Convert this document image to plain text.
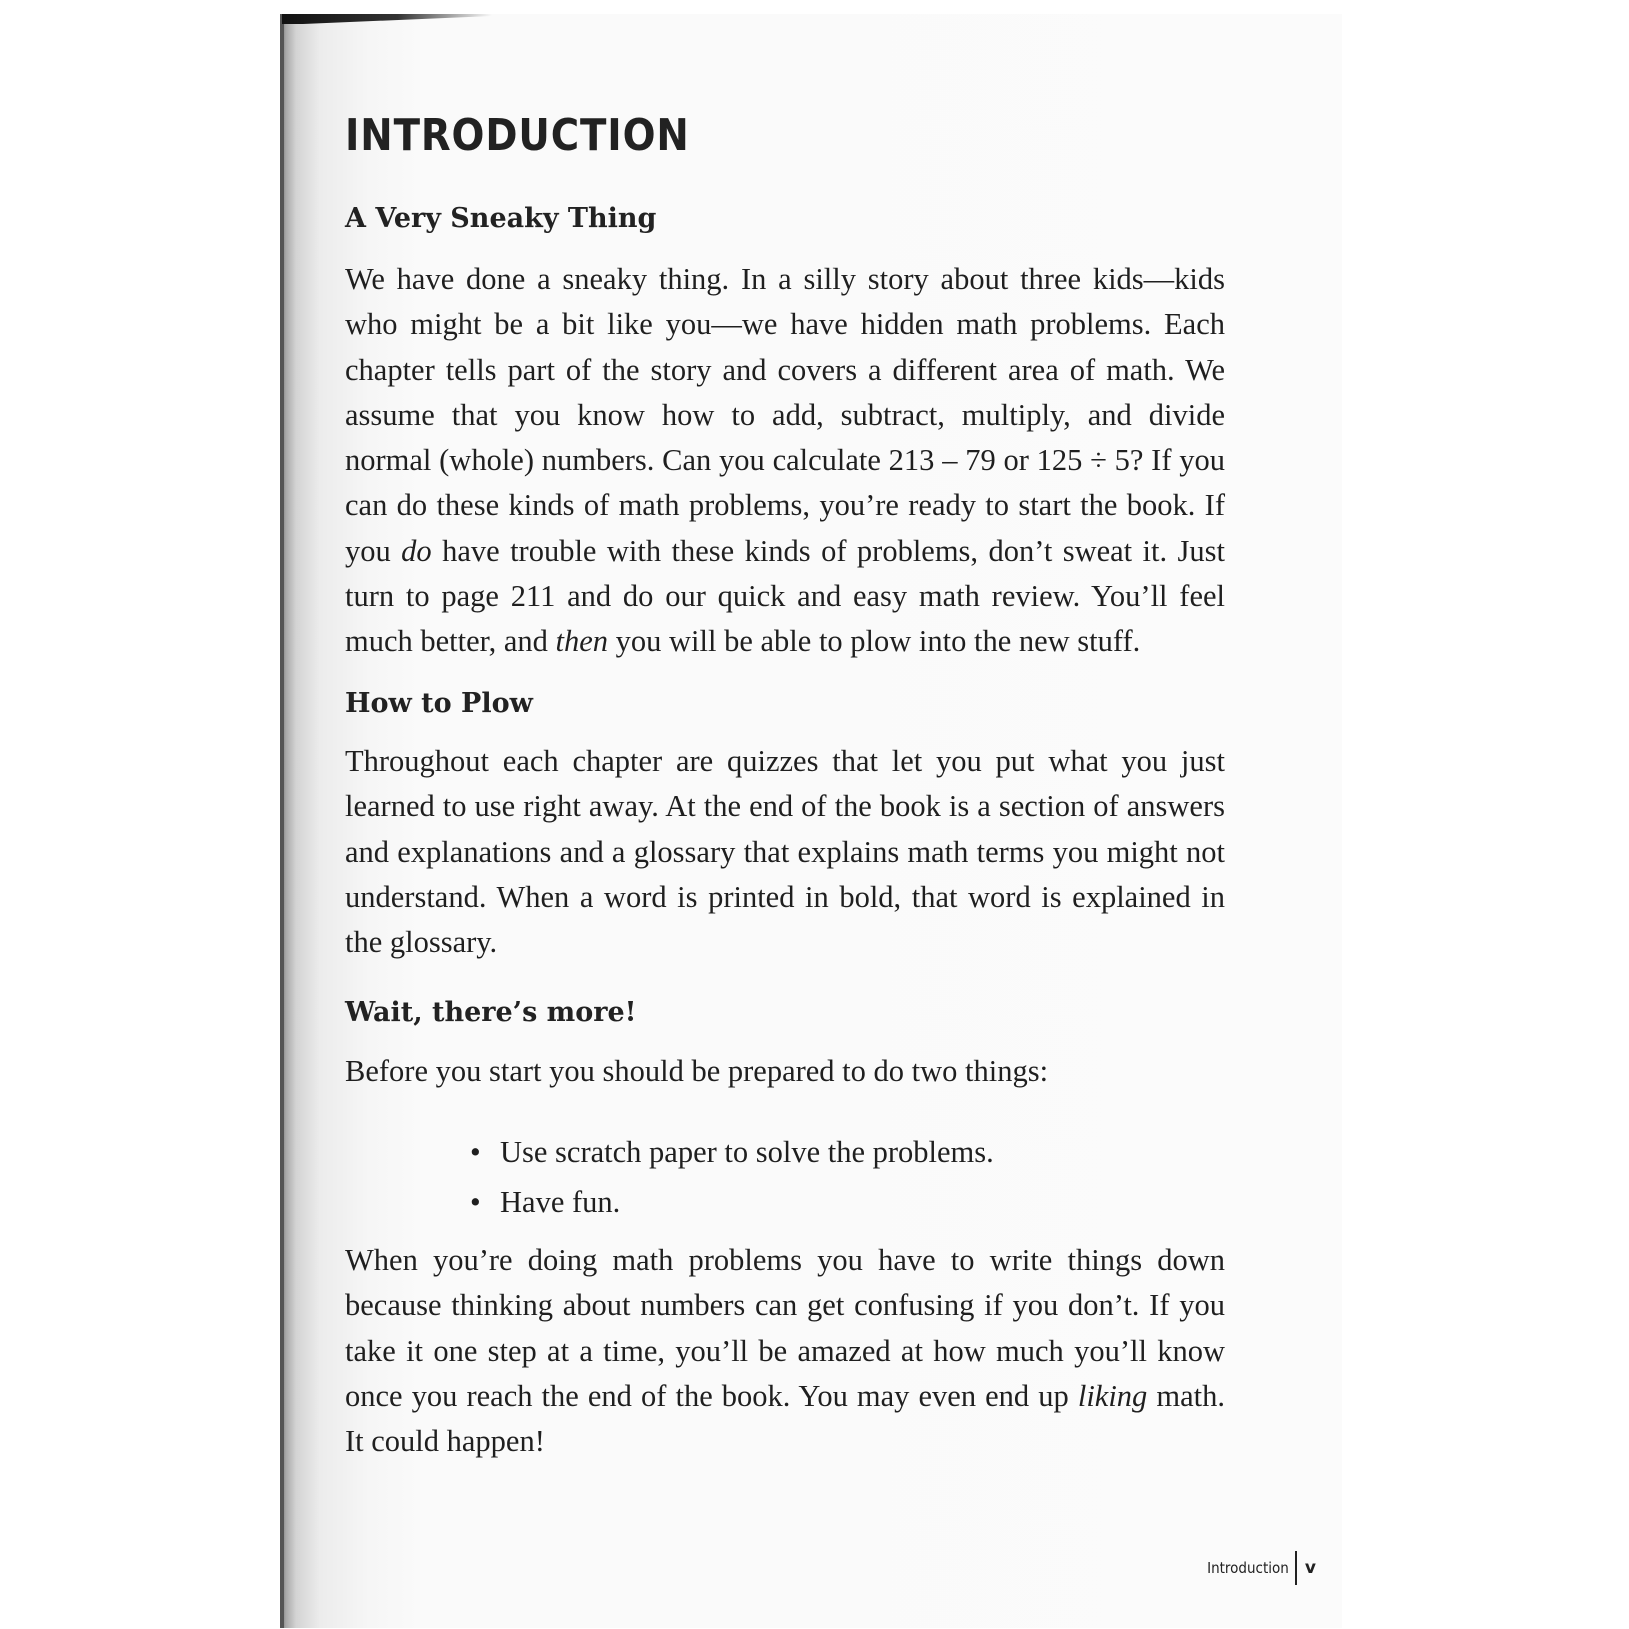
INTRODUCTION
A Very Sneaky Thing

We have done a sneaky thing. In a silly story about three kids—kids who might be a bit like you—we have hidden math problems. Each chapter tells part of the story and covers a different area of math. We assume that you know how to add, subtract, multiply, and divide normal (whole) numbers. Can you calculate 213 – 79 or 125 ÷ 5? If you can do these kinds of math problems, you’re ready to start the book. If you do have trouble with these kinds of problems, don’t sweat it. Just turn to page 211 and do our quick and easy math review. You’ll feel much better, and then you will be able to plow into the new stuff.

How to Plow

Throughout each chapter are quizzes that let you put what you just learned to use right away. At the end of the book is a section of answers and explanations and a glossary that explains math terms you might not understand. When a word is printed in bold, that word is explained in the glossary.

Wait, there’s more!

Before you start you should be prepared to do two things:

• Use scratch paper to solve the problems.
• Have fun.

When you’re doing math problems you have to write things down because thinking about numbers can get confusing if you don’t. If you take it one step at a time, you’ll be amazed at how much you’ll know once you reach the end of the book. You may even end up liking math. It could happen!

Introduction v
